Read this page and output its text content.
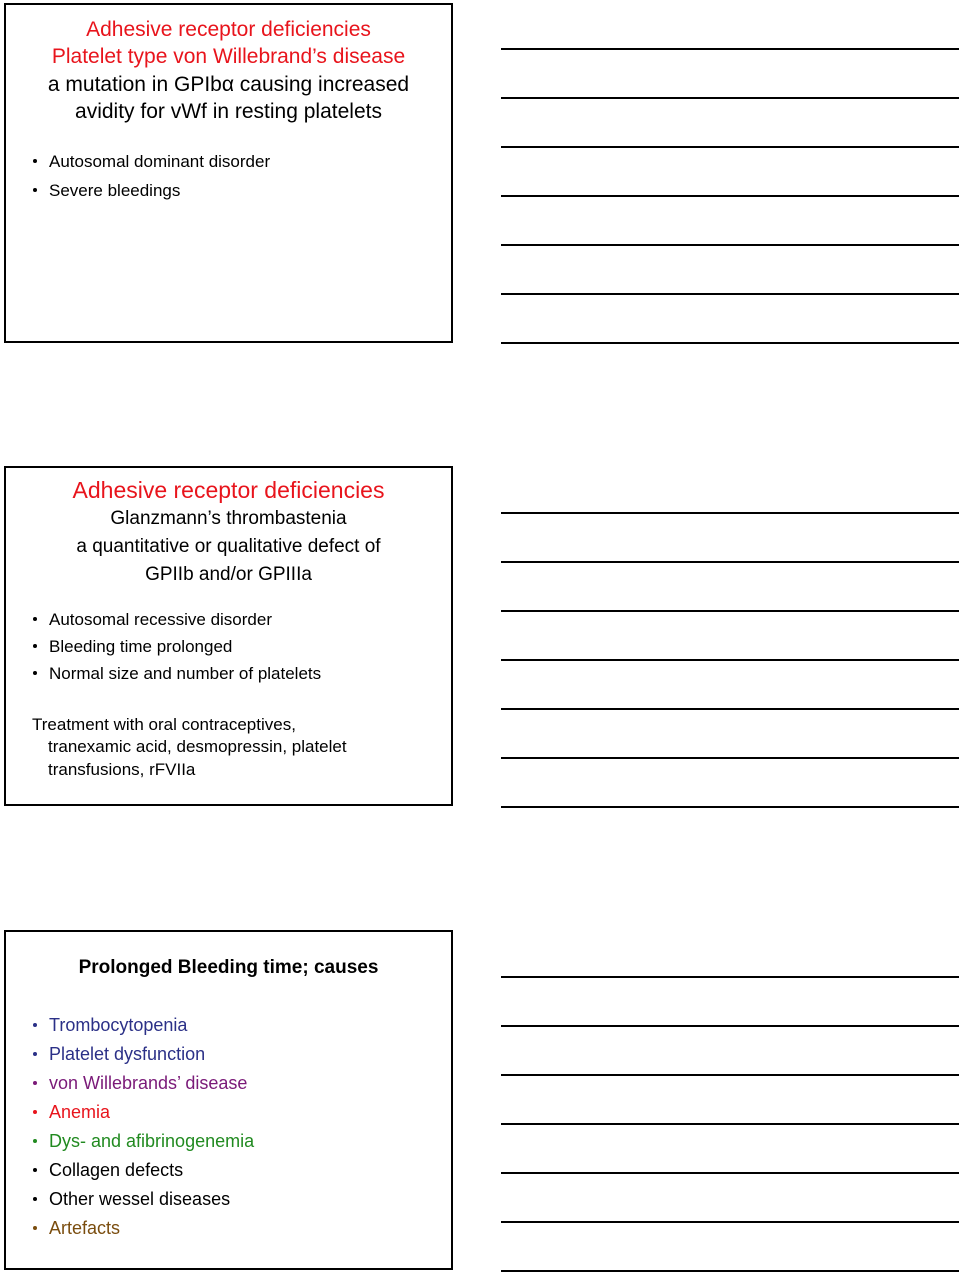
Adhesive receptor deficiencies
Platelet type von Willebrand’s disease
a mutation in GPIbα causing increased
avidity for vWf in resting platelets
Autosomal dominant disorder
Severe bleedings
Adhesive receptor deficiencies
Glanzmann’s thrombastenia
a quantitative or qualitative defect of
GPIIb and/or GPIIIa
Autosomal recessive disorder
Bleeding time prolonged
Normal size and number of platelets

Treatment with oral contraceptives,
tranexamic acid, desmopressin, platelet
transfusions, rFVIIa

Prolonged Bleeding time; causes
Trombocytopenia
Platelet dysfunction
von Willebrands’ disease
Anemia
Dys- and afibrinogenemia
Collagen defects
Other wessel diseases
Artefacts
